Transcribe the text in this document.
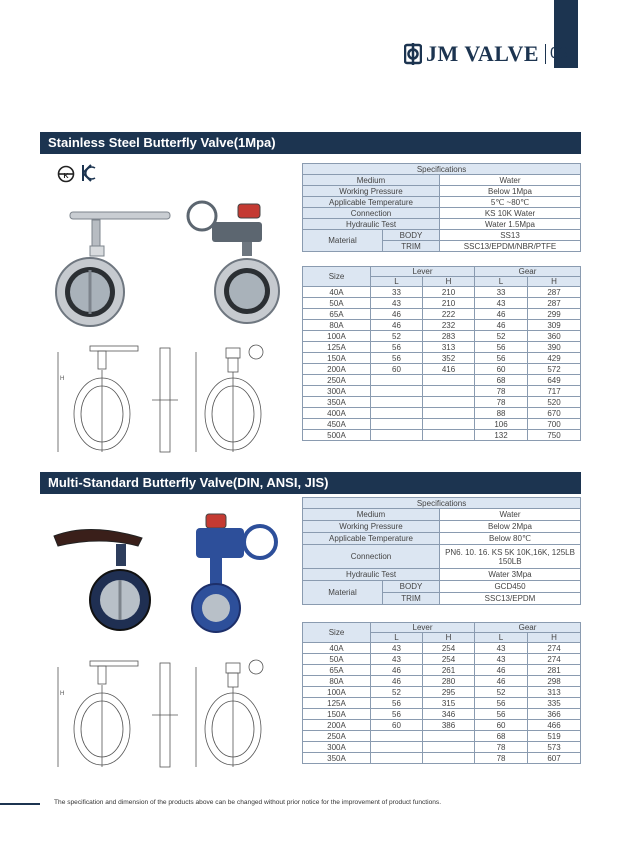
JM VALVE 03
Stainless Steel Butterfly Valve(1Mpa)
K
H
Specifications		
Medium		Water
Working Pressure		Below 1Mpa
Applicable Temperature		5℃ ~80℃
Connection		KS 10K Water
Hydraulic Test		Water 1.5Mpa
Material	BODY	SS13
	TRIM	SSC13/EPDM/NBR/PTFE
Size	Lever		Gear	
	L	H	L	H
40A	33	210	33	287
50A	43	210	43	287
65A	46	222	46	299
80A	46	232	46	309
100A	52	283	52	360
125A	56	313	56	390
150A	56	352	56	429
200A	60	416	60	572
250A			68	649
300A			78	717
350A			78	520
400A			88	670
450A			106	700
500A			132	750
Multi-Standard Butterfly Valve(DIN, ANSI, JIS)
H
Specifications		
Medium		Water
Working Pressure		Below 2Mpa
Applicable Temperature		Below 80℃
Connection		PN6. 10. 16. KS 5K 10K,16K, 125LB 150LB
Hydraulic Test		Water 3Mpa
Material	BODY	GCD450
	TRIM	SSC13/EPDM
Size	Lever		Gear	
	L	H	L	H
40A	43	254	43	274
50A	43	254	43	274
65A	46	261	46	281
80A	46	280	46	298
100A	52	295	52	313
125A	56	315	56	335
150A	56	346	56	366
200A	60	386	60	466
250A			68	519
300A			78	573
350A			78	607
The specification and dimension of the products above can be changed without prior notice for the improvement of product functions.
